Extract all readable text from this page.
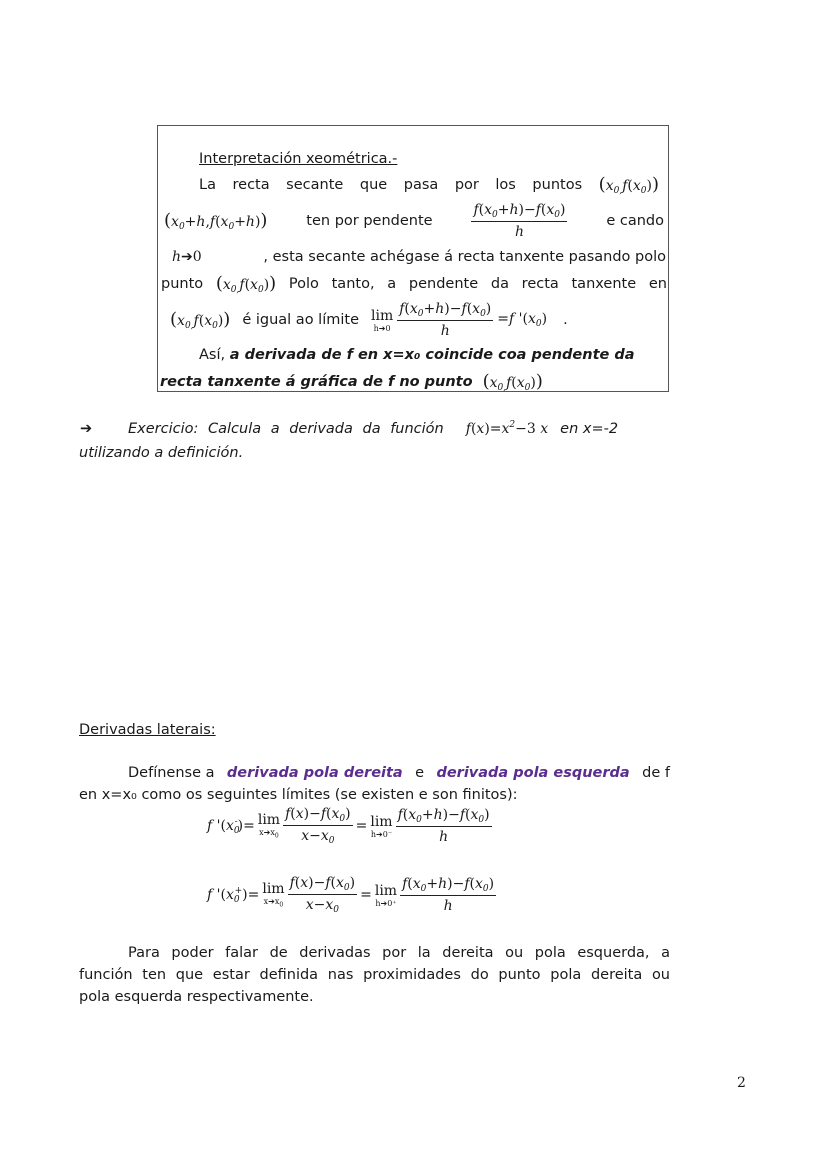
Interpretación xeométrica.-
La recta secante que pasa por los puntos $(x_{0,}f(x_0))$
$(x_0+h,f(x_0+h))$	ten por pendente	$\frac{f(x_0+h)-f(x_0)}{h}$	e cando
h➔0	, esta secante achégase á recta tanxente pasando polo
punto $(x_{0,}f(x_0))$ Polo tanto, a pendente da recta tanxente en
$(x_{0,}f(x_0))$ é igual ao límite lim
h➔0 $\frac{f(x_0+h)-f(x_0)}{h} =f$ '$(x_0)$ .
Así, a derivada de f en x=x₀ coincide coa pendente da
recta tanxente á gráfica de f no punto $(x_{0,}f(x_0))$
➔	Exercicio: Calcula a derivada da función $f(x)=x^2-3$ x en x=-2
utilizando a definición.
Derivadas laterais:
Defínense a derivada pola dereita e derivada pola esquerda de f
en x=x₀ como os seguintes límites (se existen e son finitos):
f '$(x_0^-)= \lim$
$x➔x_0 \frac{f(x)-f(x_0)}{x-x_0} = \lim$
h➔0⁻ $\frac{f(x_0+h)-f(x_0)}{h}$
f '$(x_0^+)= \lim$
$x➔x_0 \frac{f(x)-f(x_0)}{x-x_0} = \lim$
h➔0⁺ $\frac{f(x_0+h)-f(x_0)}{h}$
Para poder falar de derivadas por la dereita ou pola esquerda, a
función ten que estar definida nas proximidades do punto pola dereita ou
pola esquerda respectivamente.
2
